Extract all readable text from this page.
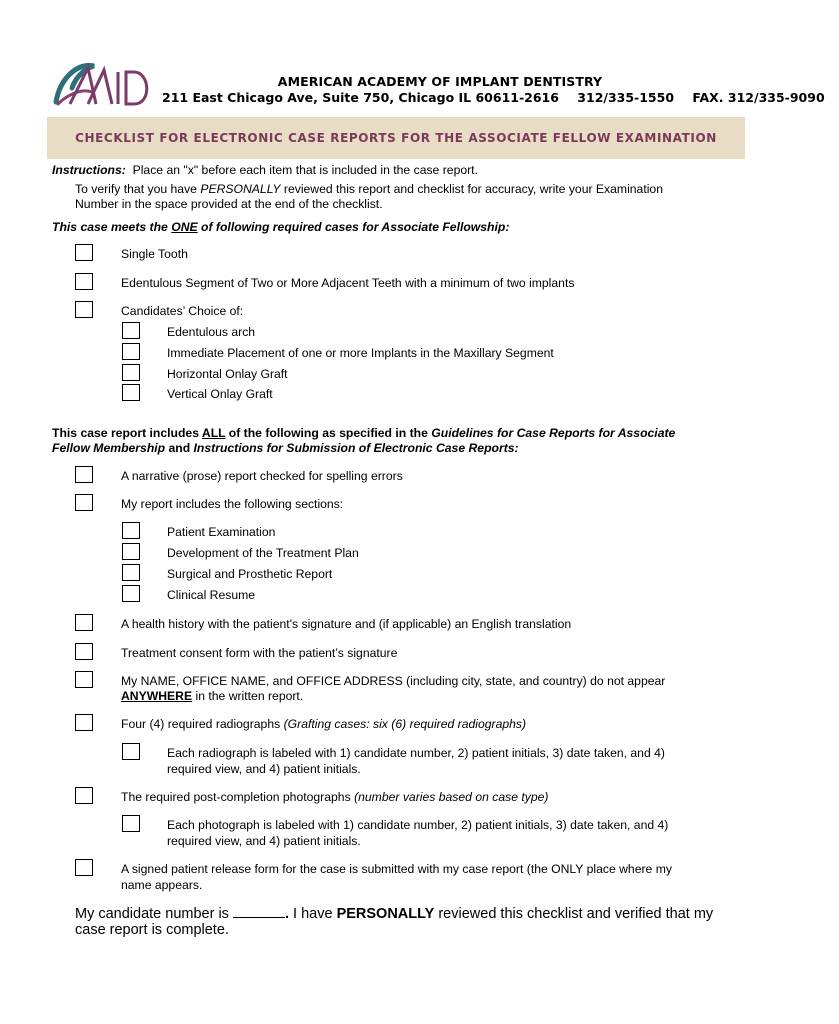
AAID
AMERICAN ACADEMY OF IMPLANT DENTISTRY
211 East Chicago Ave, Suite 750, Chicago IL 60611-2616 312/335-1550 FAX. 312/335-9090
CHECKLIST FOR ELECTRONIC CASE REPORTS FOR THE ASSOCIATE FELLOW EXAMINATION
Instructions: Place an "x" before each item that is included in the case report.
To verify that you have PERSONALLY reviewed this report and checklist for accuracy, write your Examination
Number in the space provided at the end of the checklist.
This case meets the ONE of following required cases for Associate Fellowship:
Single Tooth
Edentulous Segment of Two or More Adjacent Teeth with a minimum of two implants
Candidates’ Choice of:
Edentulous arch
Immediate Placement of one or more Implants in the Maxillary Segment
Horizontal Onlay Graft
Vertical Onlay Graft
This case report includes ALL of the following as specified in the Guidelines for Case Reports for Associate
Fellow Membership and Instructions for Submission of Electronic Case Reports:
A narrative (prose) report checked for spelling errors
My report includes the following sections:
Patient Examination
Development of the Treatment Plan
Surgical and Prosthetic Report
Clinical Resume
A health history with the patient's signature and (if applicable) an English translation
Treatment consent form with the patient’s signature
My NAME, OFFICE NAME, and OFFICE ADDRESS (including city, state, and country) do not appear
ANYWHERE in the written report.
Four (4) required radiographs (Grafting cases: six (6) required radiographs)
Each radiograph is labeled with 1) candidate number, 2) patient initials, 3) date taken, and 4)
required view, and 4) patient initials.
The required post-completion photographs (number varies based on case type)
Each photograph is labeled with 1) candidate number, 2) patient initials, 3) date taken, and 4)
required view, and 4) patient initials.
A signed patient release form for the case is submitted with my case report (the ONLY place where my
name appears.
My candidate number is	. I have PERSONALLY reviewed this checklist and verified that my
case report is complete.
